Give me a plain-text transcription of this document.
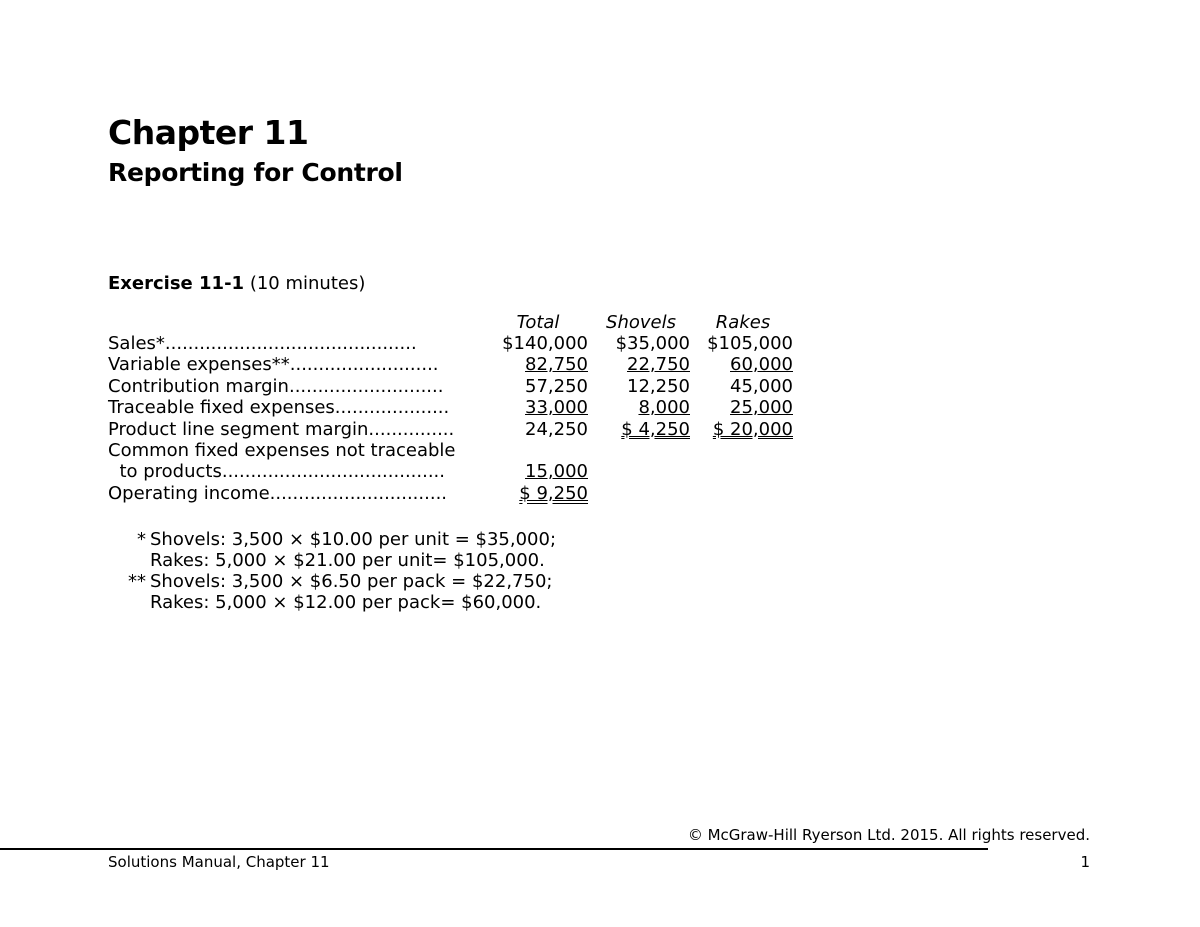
Chapter 11
Reporting for Control
Exercise 11-1 (10 minutes)
Total	Shovels	Rakes
Sales*............................................	$140,000	$35,000 $105,000
Variable expenses**..........................	82,750	22,750	60,000
Contribution margin...........................	57,250	12,250	45,000
Traceable fixed expenses....................	33,000	8,000	25,000
Product line segment margin...............	24,250	$ 4,250	$ 20,000
Common fixed expenses not traceable
to products.......................................	15,000
Operating income...............................	$ 9,250
* Shovels: 3,500 × $10.00 per unit = $35,000;
Rakes: 5,000 × $21.00 per unit= $105,000.
** Shovels: 3,500 × $6.50 per pack = $22,750;
Rakes: 5,000 × $12.00 per pack= $60,000.
© McGraw-Hill Ryerson Ltd. 2015. All rights reserved.
Solutions Manual, Chapter 11	1
